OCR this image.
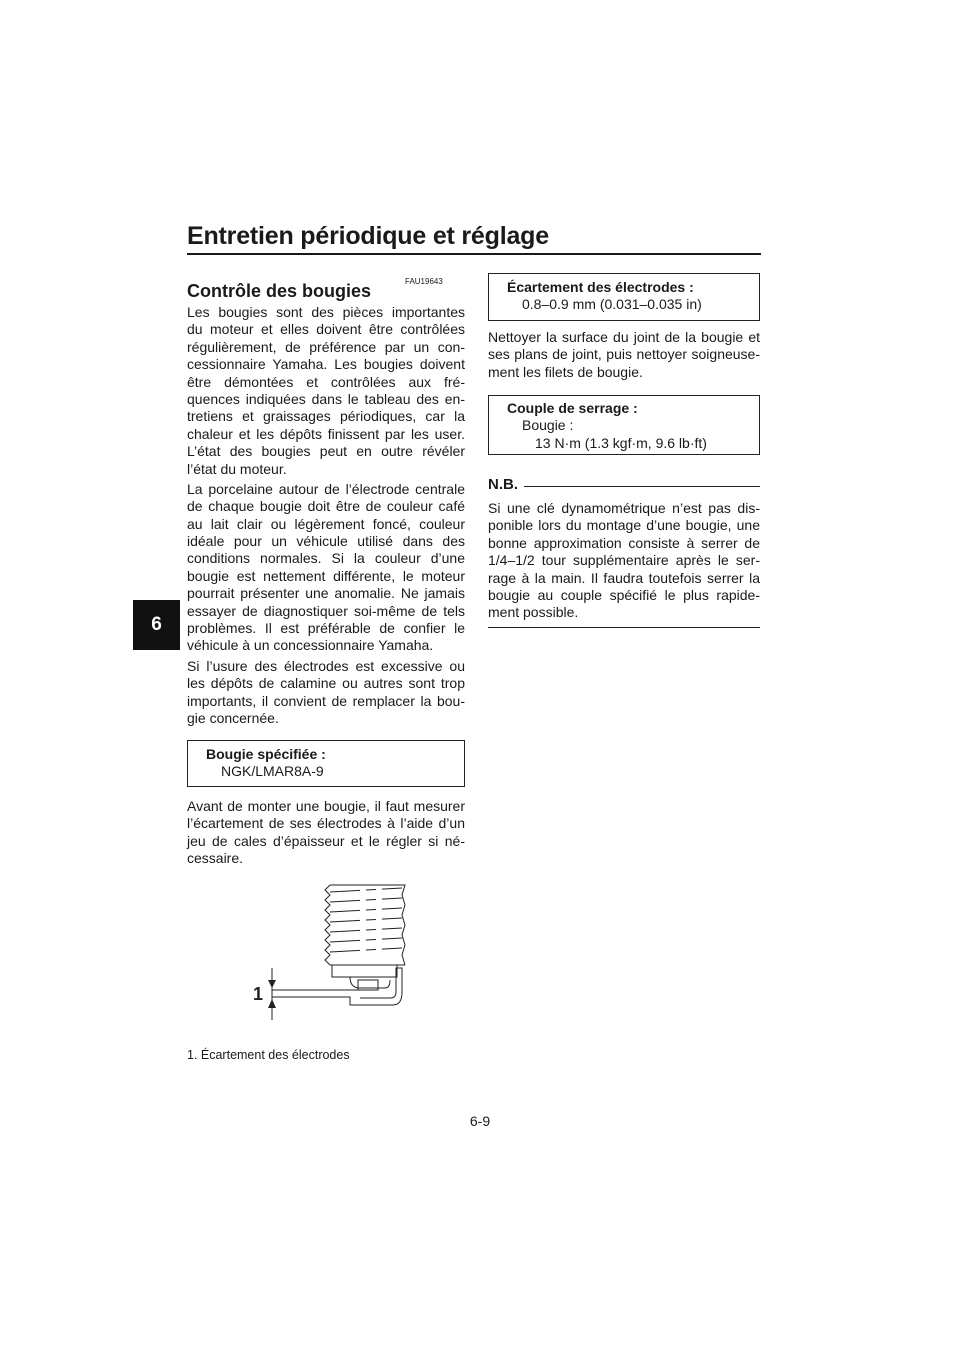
Entretien périodique et réglage
6
FAU19643
Contrôle des bougies
Les bougies sont des pièces importantes
du moteur et elles doivent être contrôlées
régulièrement, de préférence par un con-
cessionnaire Yamaha. Les bougies doivent
être démontées et contrôlées aux fré-
quences indiquées dans le tableau des en-
tretiens et graissages périodiques, car la
chaleur et les dépôts finissent par les user.
L’état des bougies peut en outre révéler
l’état du moteur.
La porcelaine autour de l’électrode centrale
de chaque bougie doit être de couleur café
au lait clair ou légèrement foncé, couleur
idéale pour un véhicule utilisé dans des
conditions normales. Si la couleur d’une
bougie est nettement différente, le moteur
pourrait présenter une anomalie. Ne jamais
essayer de diagnostiquer soi-même de tels
problèmes. Il est préférable de confier le
véhicule à un concessionnaire Yamaha.
Si l’usure des électrodes est excessive ou
les dépôts de calamine ou autres sont trop
importants, il convient de remplacer la bou-
gie concernée.
Bougie spécifiée :
NGK/LMAR8A-9
Avant de monter une bougie, il faut mesurer
l’écartement de ses électrodes à l’aide d’un
jeu de cales d’épaisseur et le régler si né-
cessaire.
1
1. Écartement des électrodes
Écartement des électrodes :
0.8–0.9 mm (0.031–0.035 in)
Nettoyer la surface du joint de la bougie et
ses plans de joint, puis nettoyer soigneuse-
ment les filets de bougie.
Couple de serrage :
Bougie :
13 N·m (1.3 kgf·m, 9.6 lb·ft)
N.B.
Si une clé dynamométrique n’est pas dis-
ponible lors du montage d’une bougie, une
bonne approximation consiste à serrer de
1/4–1/2 tour supplémentaire après le ser-
rage à la main. Il faudra toutefois serrer la
bougie au couple spécifié le plus rapide-
ment possible.
6-9
